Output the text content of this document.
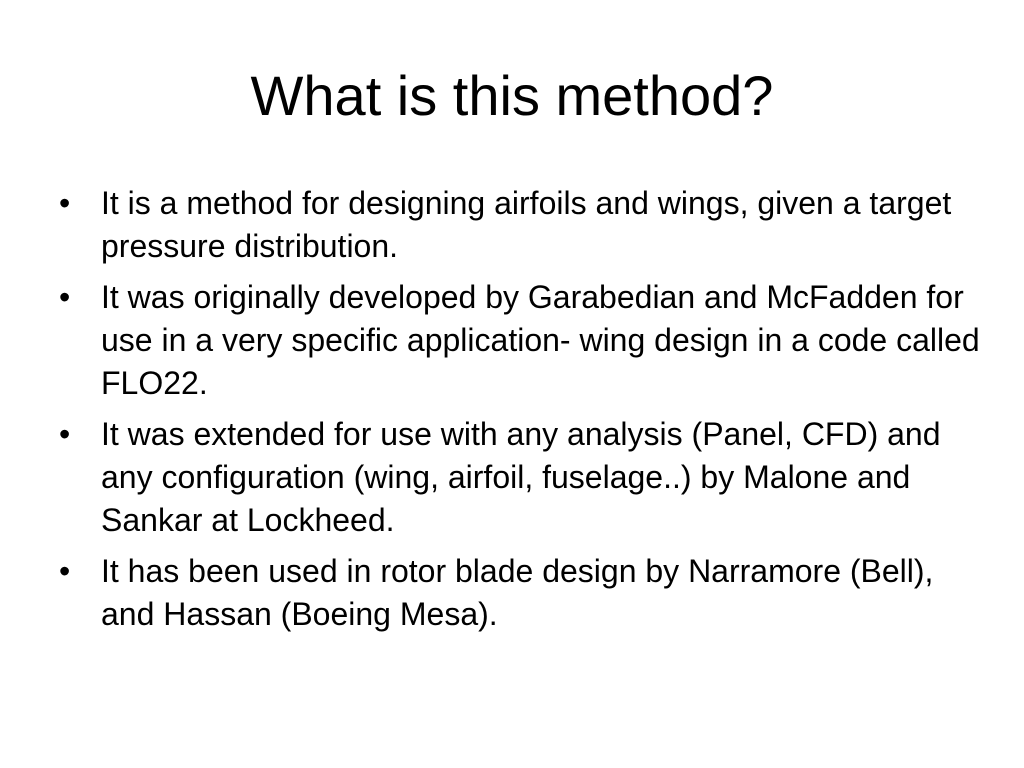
What is this method?
• It is a method for designing airfoils and wings, given a target pressure distribution.
• It was originally developed by Garabedian and McFadden for use in a very specific application- wing design in a code called FLO22.
• It was extended for use with any analysis (Panel, CFD) and any configuration (wing, airfoil, fuselage..) by Malone and Sankar at Lockheed.
• It has been used in rotor blade design by Narramore (Bell), and Hassan (Boeing Mesa).
